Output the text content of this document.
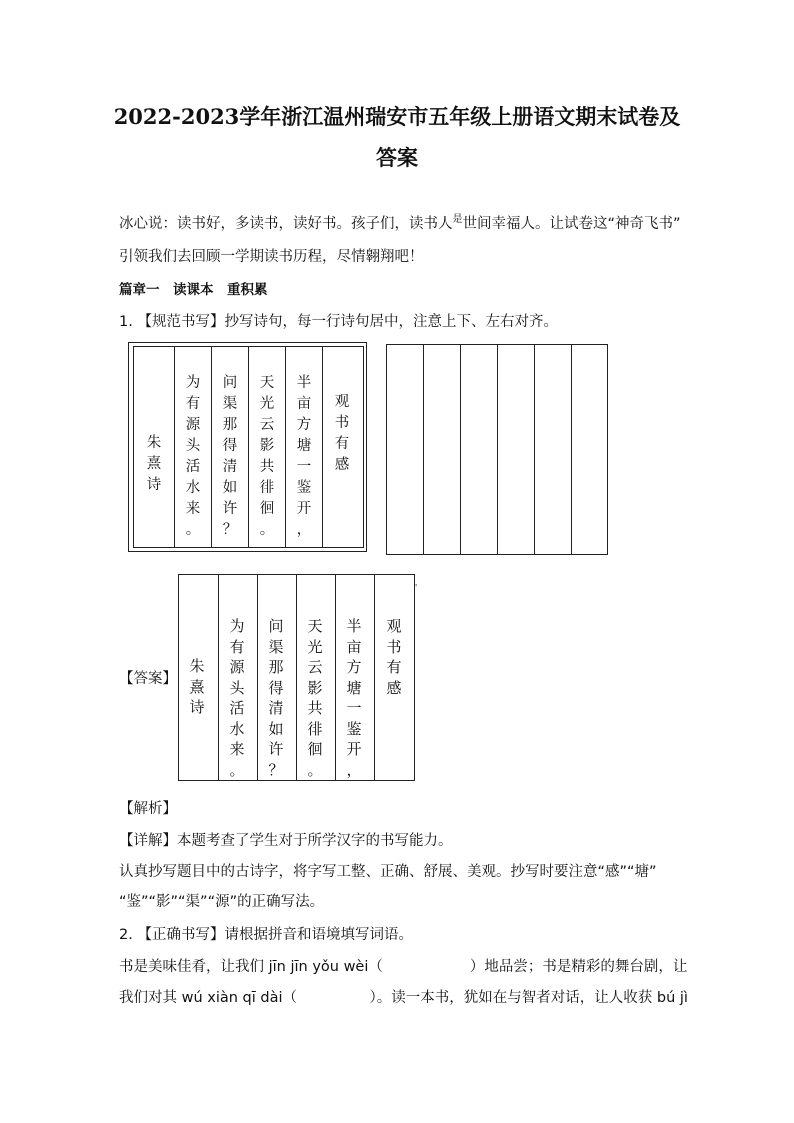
2022-2023学年浙江温州瑞安市五年级上册语文期末试卷及
答案
冰心说：读书好，多读书，读好书。孩子们，读书人$^是$世间幸福人。让试卷这“神奇飞书”
引领我们去回顾一学期读书历程，尽情翱翔吧！
篇章一　读课本　重积累
1. 【规范书写】抄写诗句，每一行诗句居中，注意上下、左右对齐。
朱
熹
诗
为
有
源
头
活
水
来
。
问
渠
那
得
清
如
许
？
天
光
云
影
共
徘
徊
。
半
亩
方
塘
一
鉴
开
，
观
书
有
感
【答案】
'
朱
熹
诗
为
有
源
头
活
水
来
。
问
渠
那
得
清
如
许
？
天
光
云
影
共
徘
徊
。
半
亩
方
塘
一
鉴
开
，
观
书
有
感
【解析】
【详解】本题考查了学生对于所学汉字的书写能力。
认真抄写题目中的古诗字，将字写工整、正确、舒展、美观。抄写时要注意“感”“塘”
“鉴”“影”“渠”“源”的正确写法。
2. 【正确书写】请根据拼音和语境填写词语。
书是美味佳肴，让我们 jīn jīn yǒu wèi（　　　　　　）地品尝；书是精彩的舞台剧，让
我们对其 wú xiàn qī dài（　　　　　）。读一本书，犹如在与智者对话，让人收获 bú jì
